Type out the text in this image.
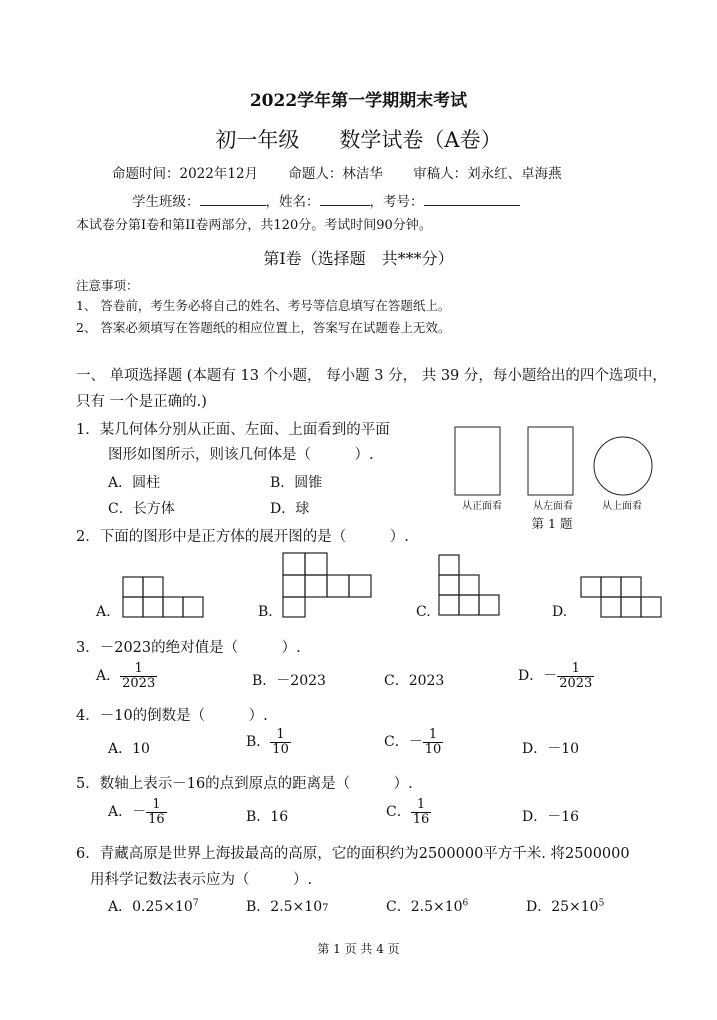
2022学年第一学期期末考试
初一年级 数学试卷（A卷）
命题时间：2022年12月 命题人：林洁华 审稿人：刘永红、卓海燕
学生班级：	，姓名：	，考号：
本试卷分第I卷和第II卷两部分，共120分。考试时间90分钟。
第I卷（选择题　共***分）
注意事项：
1、 答卷前，考生务必将自己的姓名、考号等信息填写在答题纸上。
2、 答案必须填写在答题纸的相应位置上，答案写在试题卷上无效。
一、 单项选择题 (本题有 13 个小题， 每小题 3 分， 共 39 分，每小题给出的四个选项中，
只有 一个是正确的.)
1．某几何体分别从正面、左面、上面看到的平面
图形如图所示，则该几何体是（　　　）.
A．圆柱	B．圆锥
C．长方体	D．球	从正面看	从左面看	从上面看
第 1 题
2．下面的图形中是正方体的展开图的是（　　　）.
A.	B.	C.	D.
3．－2023的绝对值是（　　　）.
A． $\frac{1}{2023}$	B．－2023	C．2023	D．－ $\frac{1}{2023}$
4．－10的倒数是（　　　）.
A．10	B． $\frac{1}{10}$	C．－ $\frac{1}{10}$	D．－10
5．数轴上表示－16的点到原点的距离是（　　　）.
A．－ $\frac{1}{16}$	B．16	C． $\frac{1}{16}$	D．－16
6．青藏高原是世界上海拔最高的高原，它的面积约为2500000平方千米. 将2500000
用科学记数法表示应为（　　　）.
A．$0.25\times 10^7$	B．2.5×107	C．$2.5\times 10^6$	D．$25\times 10^5$
第 1 页 共 4 页
